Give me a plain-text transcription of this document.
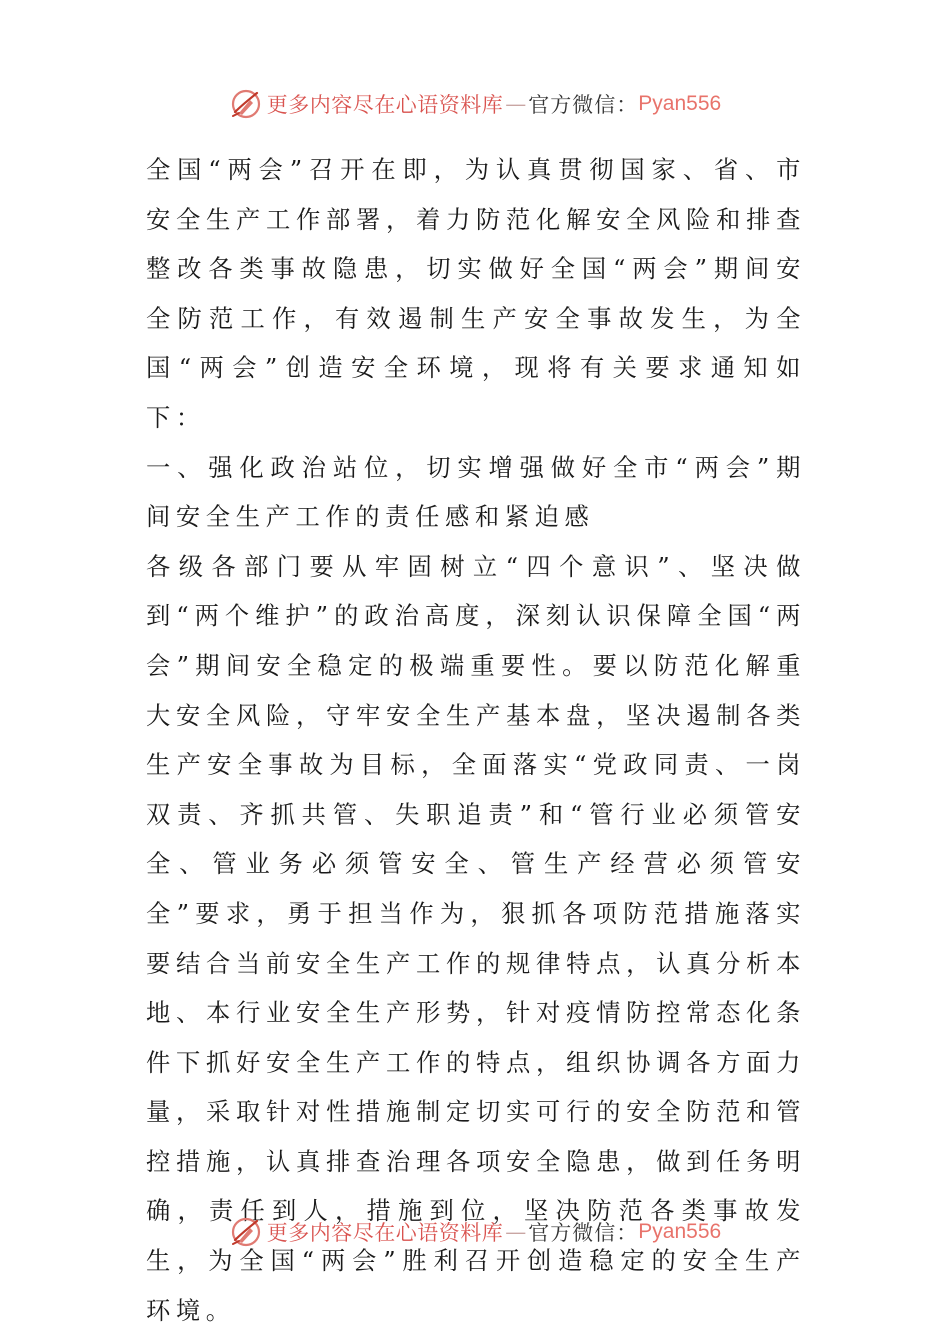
更多内容尽在心语资料库 — 官方微信： Pyan556

全国“两会”召开在即，为认真贯彻国家、省、市安全生产工作部署，着力防范化解安全风险和排查整改各类事故隐患，切实做好全国“两会”期间安全防范工作，有效遏制生产安全事故发生，为全国“两会”创造安全环境，现将有关要求通知如下：

一、强化政治站位，切实增强做好全市“两会”期间安全生产工作的责任感和紧迫感

各级各部门要从牢固树立“四个意识”、坚决做到“两个维护”的政治高度，深刻认识保障全国“两会”期间安全稳定的极端重要性。要以防范化解重大安全风险，守牢安全生产基本盘，坚决遏制各类生产安全事故为目标，全面落实“党政同责、一岗双责、齐抓共管、失职追责”和“管行业必须管安全、管业务必须管安全、管生产经营必须管安全”要求，勇于担当作为，狠抓各项防范措施落实要结合当前安全生产工作的规律特点，认真分析本地、本行业安全生产形势，针对疫情防控常态化条件下抓好安全生产工作的特点，组织协调各方面力量，采取针对性措施制定切实可行的安全防范和管控措施，认真排查治理各项安全隐患，做到任务明确，责任到人，措施到位，坚决防范各类事故发生，为全国“两会”胜利召开创造稳定的安全生产环境。

更多内容尽在心语资料库 — 官方微信： Pyan556
